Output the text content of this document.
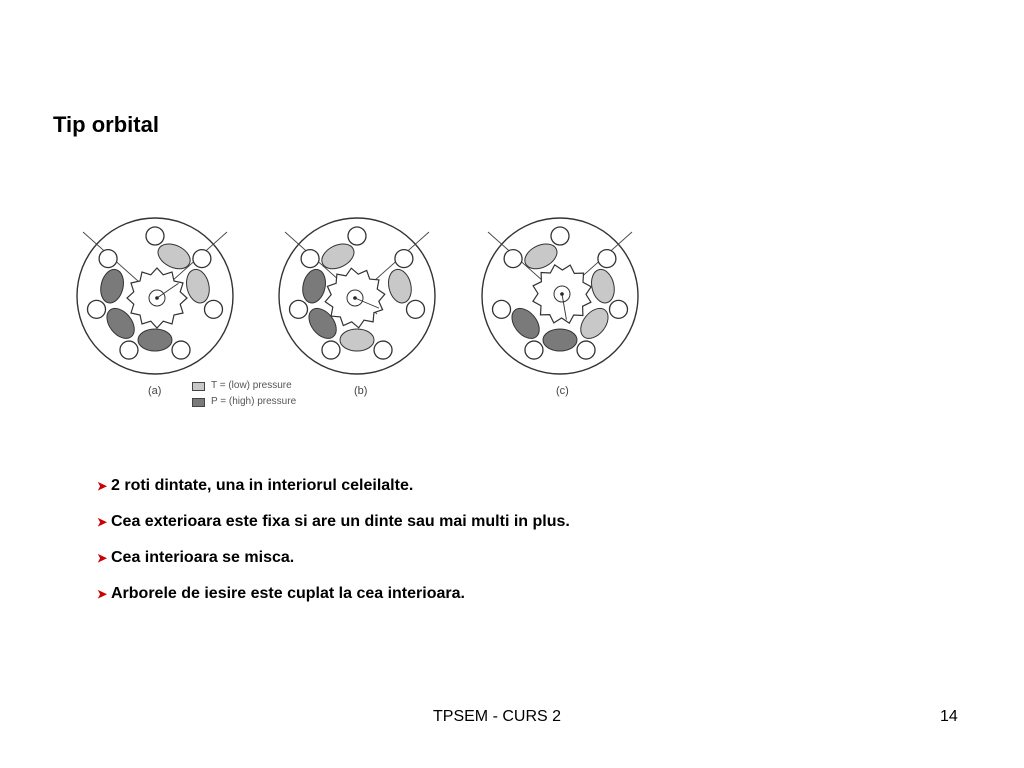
Tip orbital
(a)	(b)	(c)
T = (low) pressure
P = (high) pressure
➤ 2 roti dintate, una in interiorul celeilalte.
➤ Cea exterioara este fixa si are un dinte sau mai multi in plus.
➤ Cea interioara se misca.
➤ Arborele de iesire este cuplat la cea interioara.
TPSEM - CURS 2	14
